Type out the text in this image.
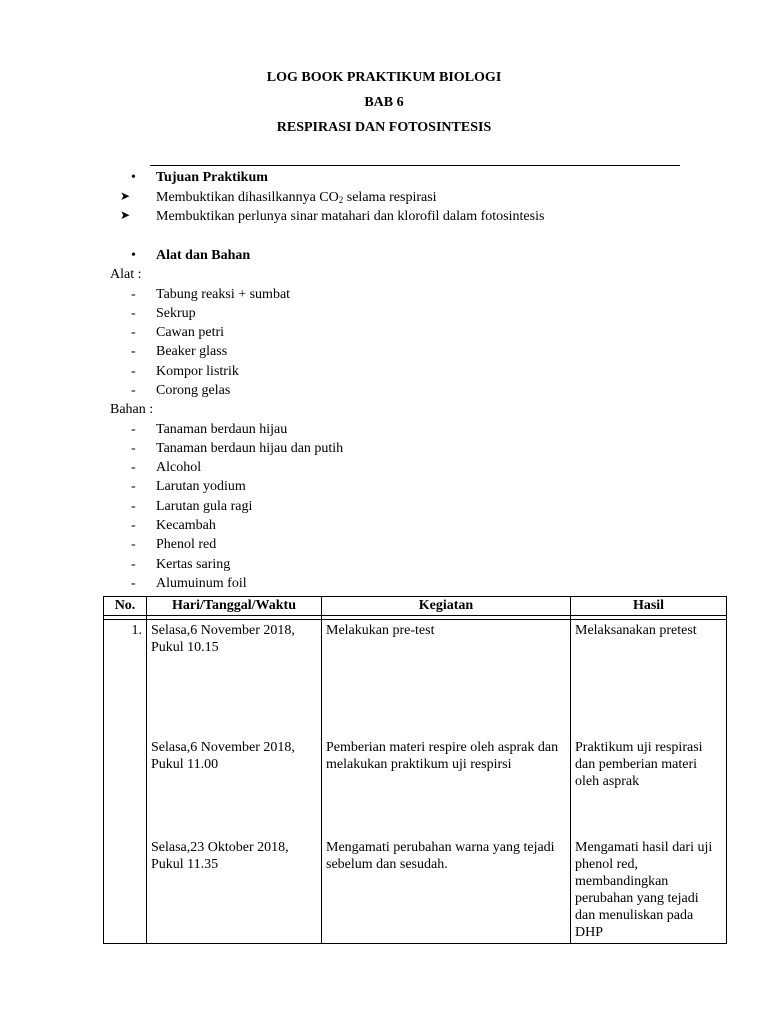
LOG BOOK PRAKTIKUM BIOLOGI
BAB 6
RESPIRASI DAN FOTOSINTESIS
• Tujuan Praktikum
➤ Membuktikan dihasilkannya $CO_2$ selama respirasi
➤ Membuktikan perlunya sinar matahari dan klorofil dalam fotosintesis
• Alat dan Bahan
Alat :
- Tabung reaksi + sumbat
- Sekrup
- Cawan petri
- Beaker glass
- Kompor listrik
- Corong gelas
Bahan :
- Tanaman berdaun hijau
- Tanaman berdaun hijau dan putih
- Alcohol
- Larutan yodium
- Larutan gula ragi
- Kecambah
- Phenol red
- Kertas saring
- Alumuinum foil
No.	Hari/Tanggal/Waktu	Kegiatan	Hasil

1.	Selasa,6 November 2018, Pukul 10.15	Melakukan pre-test	Melaksanakan pretest
	Selasa,6 November 2018, Pukul 11.00	Pemberian materi respire oleh asprak dan melakukan praktikum uji respirsi	Praktikum uji respirasi dan pemberian materi oleh asprak
	Selasa,23 Oktober 2018, Pukul 11.35	Mengamati perubahan warna yang tejadi sebelum dan sesudah.	Mengamati hasil dari uji phenol red, membandingkan perubahan yang tejadi dan menuliskan pada DHP
